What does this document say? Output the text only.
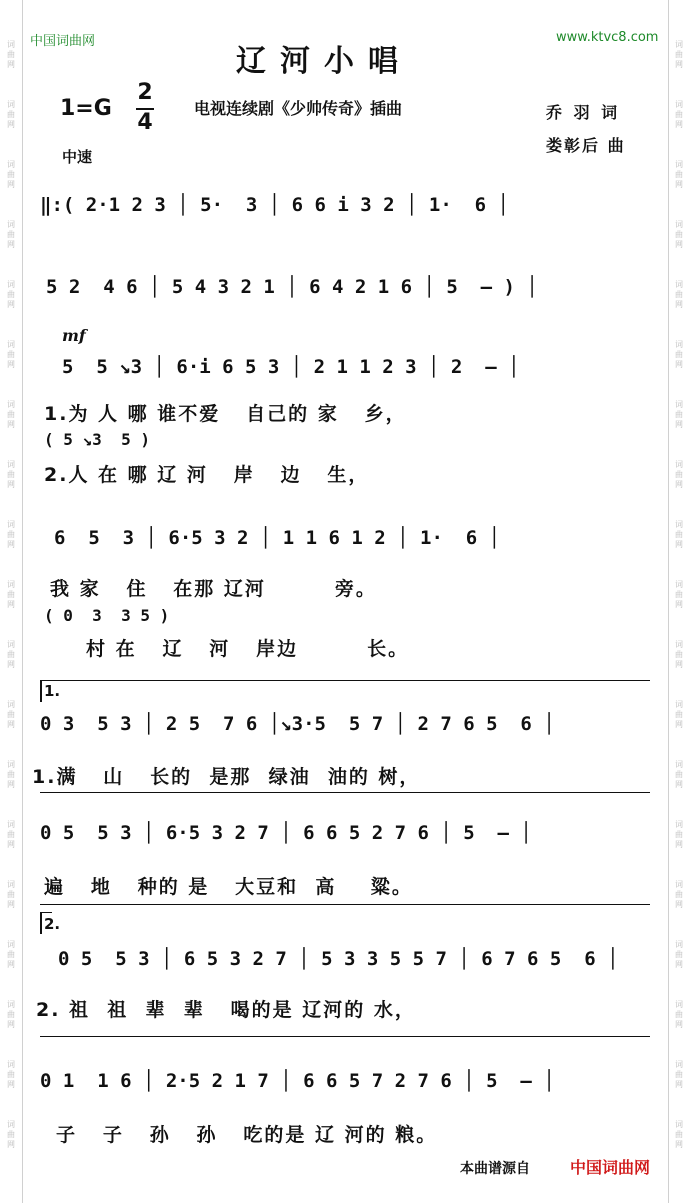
词
曲
网
词
曲
网
词
曲
网
词
曲
网
词
曲
网
词
曲
网
词
曲
网
词
曲
网
词
曲
网
词
曲
网
词
曲
网
词
曲
网
词
曲
网
词
曲
网
词
曲
网
词
曲
网
词
曲
网
词
曲
网
词
曲
网
词
曲
网
词
曲
网
词
曲
网
词
曲
网
词
曲
网
词
曲
网
词
曲
网
词
曲
网
词
曲
网
词
曲
网
词
曲
网
词
曲
网
词
曲
网
词
曲
网
词
曲
网
词
曲
网
词
曲
网
词
曲
网
词
曲
网
中国词曲网	www.ktvc8.com
辽河小唱
1=G
2
4
电视连续剧《少帅传奇》插曲	乔 羽 词
娄彰后 曲
中速
‖:( 2·1 2 3 │ 5·  3 │ 6 6 i 3 2 │ 1·  6 │
5 2  4 6 │ 5 4 3 2 1 │ 6 4 2 1 6 │ 5  — ) │
mf
5  5 ↘3 │ 6·i 6 5 3 │ 2 1 1 2 3 │ 2  — │
1.为 人 哪 谁不爱   自己的 家   乡，
( 5 ↘3  5 )
2.人 在 哪 辽 河   岸   边   生，
6  5  3 │ 6·5 3 2 │ 1 1 6 1 2 │ 1·  6 │
我 家   住   在那 辽河        旁。
( 0  3  3 5 )
村 在   辽   河   岸边        长。
1.
0 3  5 3 │ 2 5  7 6 │↘3·5  5 7 │ 2 7 6 5  6 │
1.满   山   长的  是那  绿油  油的 树，
0 5  5 3 │ 6·5 3 2 7 │ 6 6 5 2 7 6 │ 5  — │
遍   地   种的 是   大豆和  高    粱。
2.
0 5  5 3 │ 6 5 3 2 7 │ 5 3 3 5 5 7 │ 6 7 6 5  6 │
2. 祖  祖  辈  辈   喝的是 辽河的 水，
0 1  1 6 │ 2·5 2 1 7 │ 6 6 5 7 2 7 6 │ 5  — │
子   子   孙   孙   吃的是 辽 河的 粮。
本曲谱源自	中国词曲网
